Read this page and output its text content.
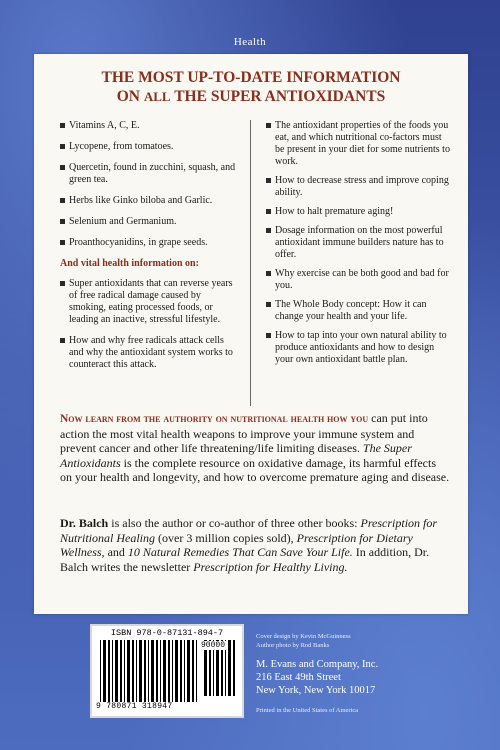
Health
THE MOST UP-TO-DATE INFORMATION
ON ALL THE SUPER ANTIOXIDANTS
Vitamins A, C, E.
Lycopene, from tomatoes.
Quercetin, found in zucchini, squash, and green tea.
Herbs like Ginko biloba and Garlic.
Selenium and Germanium.
Proanthocyanidins, in grape seeds.
And vital health information on:
Super antioxidants that can reverse years of free radical damage caused by smoking, eating processed foods, or leading an inactive, stressful lifestyle.
How and why free radicals attack cells and why the antioxidant system works to counteract this attack.
The antioxidant properties of the foods you eat, and which nutritional co-factors must be present in your diet for some nutrients to work.
How to decrease stress and improve coping ability.
How to halt premature aging!
Dosage information on the most powerful antioxidant immune builders nature has to offer.
Why exercise can be both good and bad for you.
The Whole Body concept: How it can change your health and your life.
How to tap into your own natural ability to produce antioxidants and how to design your own antioxidant battle plan.

Now learn from the authority on nutritional health how you can put into action the most vital health weapons to improve your immune system and prevent cancer and other life threatening/life limiting diseases. The Super Antioxidants is the complete resource on oxidative damage, its harmful effects on your health and longevity, and how to overcome premature aging and disease.

Dr. Balch is also the author or co-author of three other books: Prescription for Nutritional Healing (over 3 million copies sold), Prescription for Dietary Wellness, and 10 Natural Remedies That Can Save Your Life. In addition, Dr. Balch writes the newsletter Prescription for Healthy Living.

ISBN 978-0-87131-894-7
90000
9 780871 318947
Cover design by Kevin McGuinness
Author photo by Rod Banks
M. Evans and Company, Inc.
216 East 49th Street
New York, New York 10017
Printed in the United States of America
